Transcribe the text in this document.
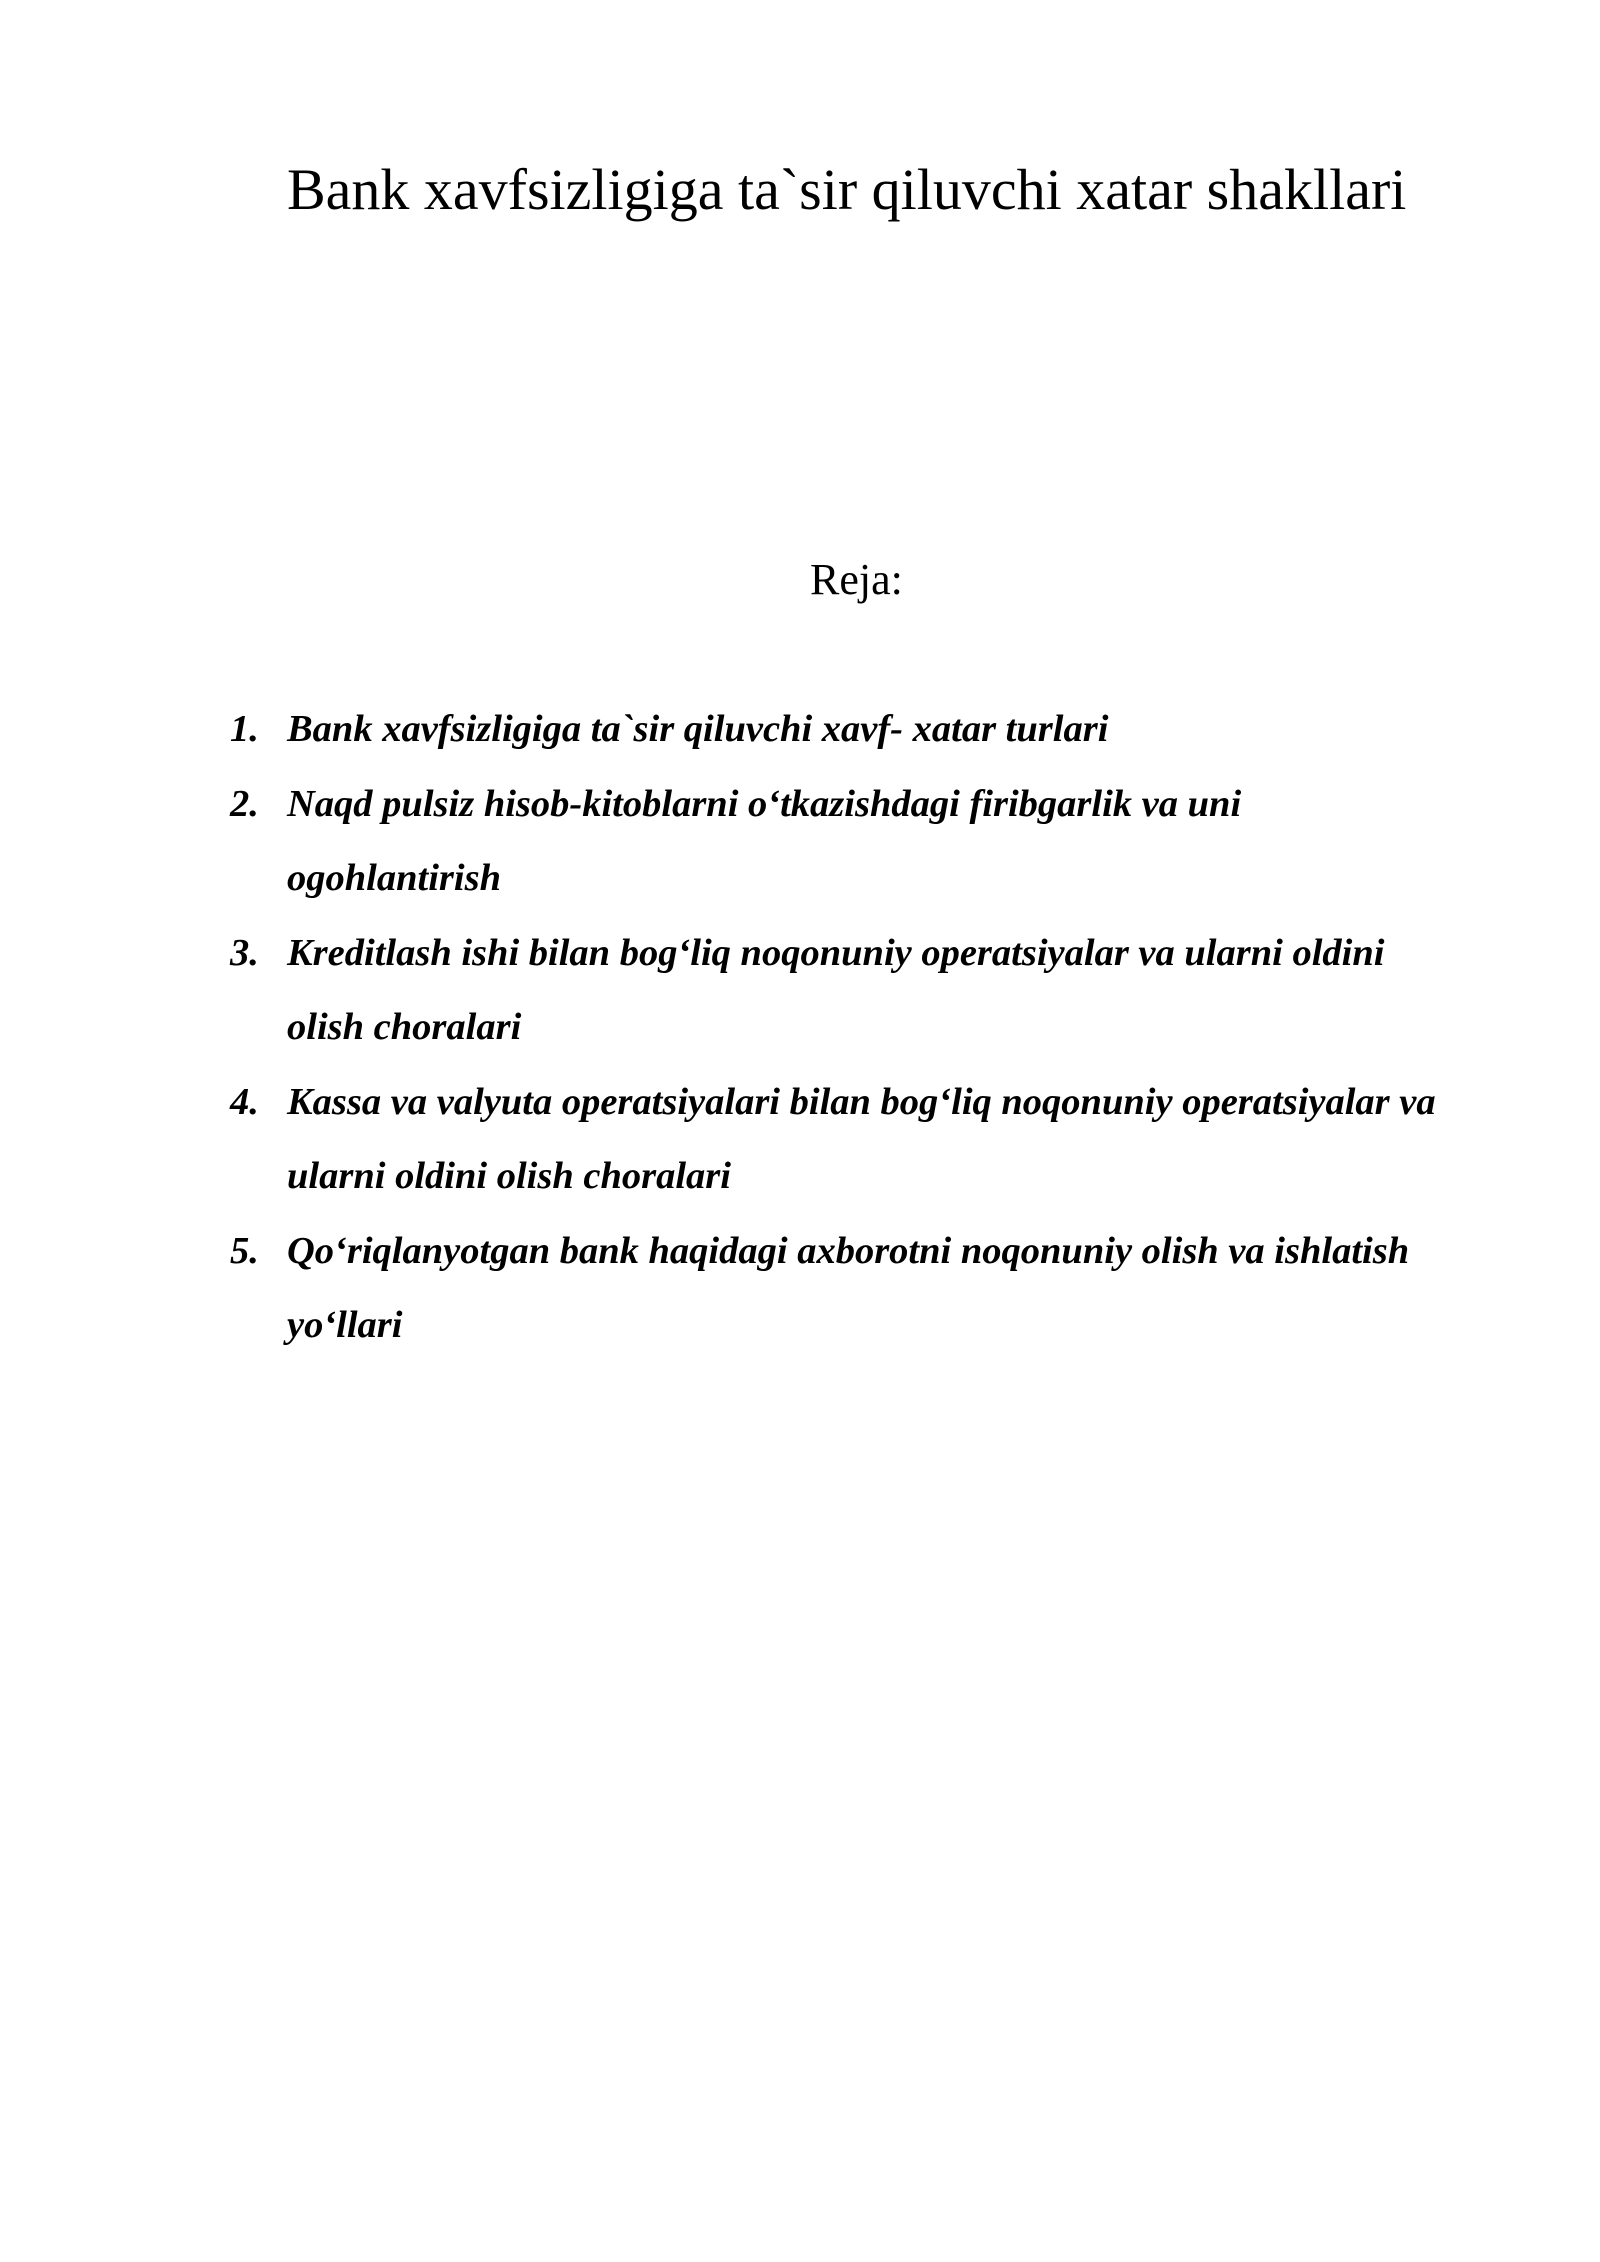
Bank xavfsizligiga ta`sir qiluvchi xatar shakllari
Reja:
1. Bank xavfsizligiga ta`sir qiluvchi xavf- xatar turlari
2. Naqd pulsiz hisob-kitoblarni o‘tkazishdagi firibgarlik va uni ogohlantirish
3. Kreditlash ishi bilan bog‘liq noqonuniy operatsiyalar va ularni oldini olish choralari
4. Kassa va valyuta operatsiyalari bilan bog‘liq noqonuniy operatsiyalar va ularni oldini olish choralari
5. Qo‘riqlanyotgan bank haqidagi axborotni noqonuniy olish va ishlatish yo‘llari
